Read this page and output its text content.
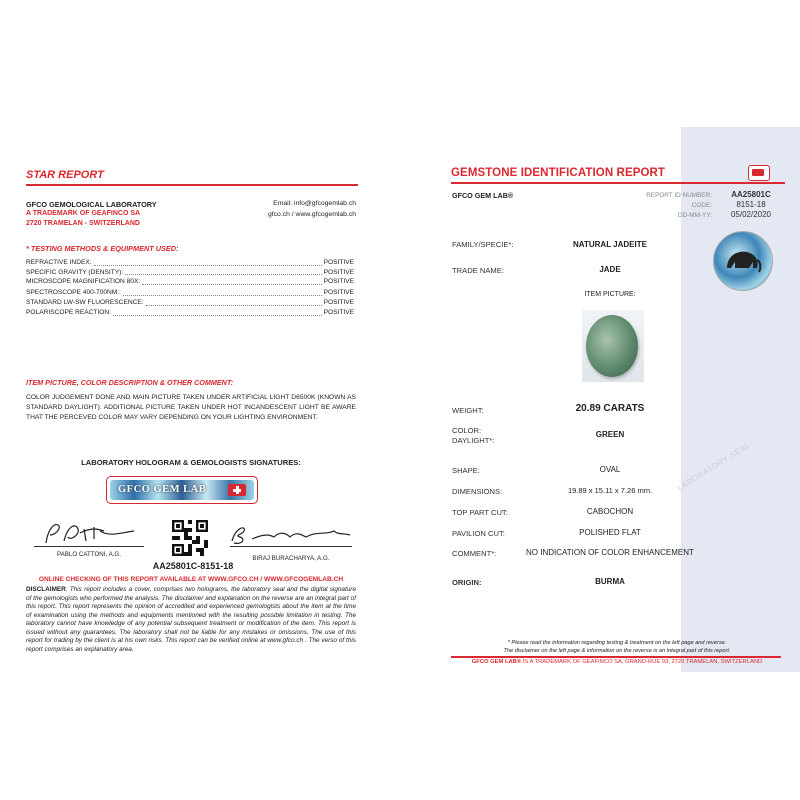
STAR REPORT
GFCO GEMOLOGICAL LABORATORY
A TRADEMARK OF GEAFINCO SA
2720 TRAMELAN - SWITZERLAND
Email: info@gfcogemlab.ch
gfco.ch / www.gfcogemlab.ch
* TESTING METHODS & EQUIPMENT USED:
REFRACTIVE INDEX:	POSITIVE
SPECIFIC GRAVITY (DENSITY):	POSITIVE
MICROSCOPE MAGNIFICATION 80X:	POSITIVE
SPECTROSCOPE 400-700NM.:	POSITIVE
STANDARD LW-SW FLUORESCENCE:	POSITIVE
POLARISCOPE REACTION:	POSITIVE
ITEM PICTURE, COLOR DESCRIPTION & OTHER COMMENT:
COLOR JUDGEMENT DONE AND MAIN PICTURE TAKEN UNDER ARTIFICIAL LIGHT D6500K (KNOWN AS STANDARD DAYLIGHT). ADDITIONAL PICTURE TAKEN UNDER HOT INCANDESCENT LIGHT BE AWARE THAT THE PERCEVED COLOR MAY VARY DEPENDING ON YOUR LIGHTING ENVIRONMENT.
LABORATORY HOLOGRAM & GEMOLOGISTS SIGNATURES:
GFCO GEM LAB
PABLO CATTONI, A.G.
BIRAJ BURACHARYA, A.G.
AA25801C-8151-18
ONLINE CHECKING OF THIS REPORT AVAILABLE AT WWW.GFCO.CH / WWW.GFCOGEMLAB.CH
DISCLAIMER: This report includes a cover, comprises two holograms, the laboratory seal and the digital signature of the gemologists who performed the analysis. The disclaimer and explanation on the reverse are an integral part of this report. This report represents the opinion of accredited and experienced gemologists about the item at the time of examination using the methods and equipments mentioned with the resulting possible limitation in testing. The laboratory cannot have knowledge of any potential subsequent treatment or modification of the item. This report is issued without any guarantees. The laboratory shall not be liable for any mistakes or omissions. The use of this report for trading by the client is at his own risks. This report can be verified online at www.gfco.ch . The verso of this report comprises an explanatory area.
GEMSTONE IDENTIFICATION REPORT
GFCO GEM LAB®	REPORT ID NUMBER:	AA25801C
CODE:	8151-18
DD-MM-YY:	05/02/2020
FAMILY/SPECIE*:	NATURAL JADEITE
TRADE NAME:	JADE
ITEM PICTURE:
WEIGHT:	20.89 CARATS
COLOR:
DAYLIGHT*:
GREEN
SHAPE:	OVAL
DIMENSIONS:	19.89 x 15.11 x 7.26 mm.
TOP PART CUT:	CABOCHON
PAVILION CUT:	POLISHED FLAT
COMMENT*:	NO INDICATION OF COLOR ENHANCEMENT
ORIGIN:	BURMA
LABORATORY SEAL
* Please read the information regarding testing & treatment on the left page and reverse.
The disclaimer on the left page & information on the reverse is an integral part of this report.
GFCO GEM LAB® IS A TRADEMARK OF GEAFINCO SA, GRAND-RUE 93, 2720 TRAMELAN, SWITZERLAND
